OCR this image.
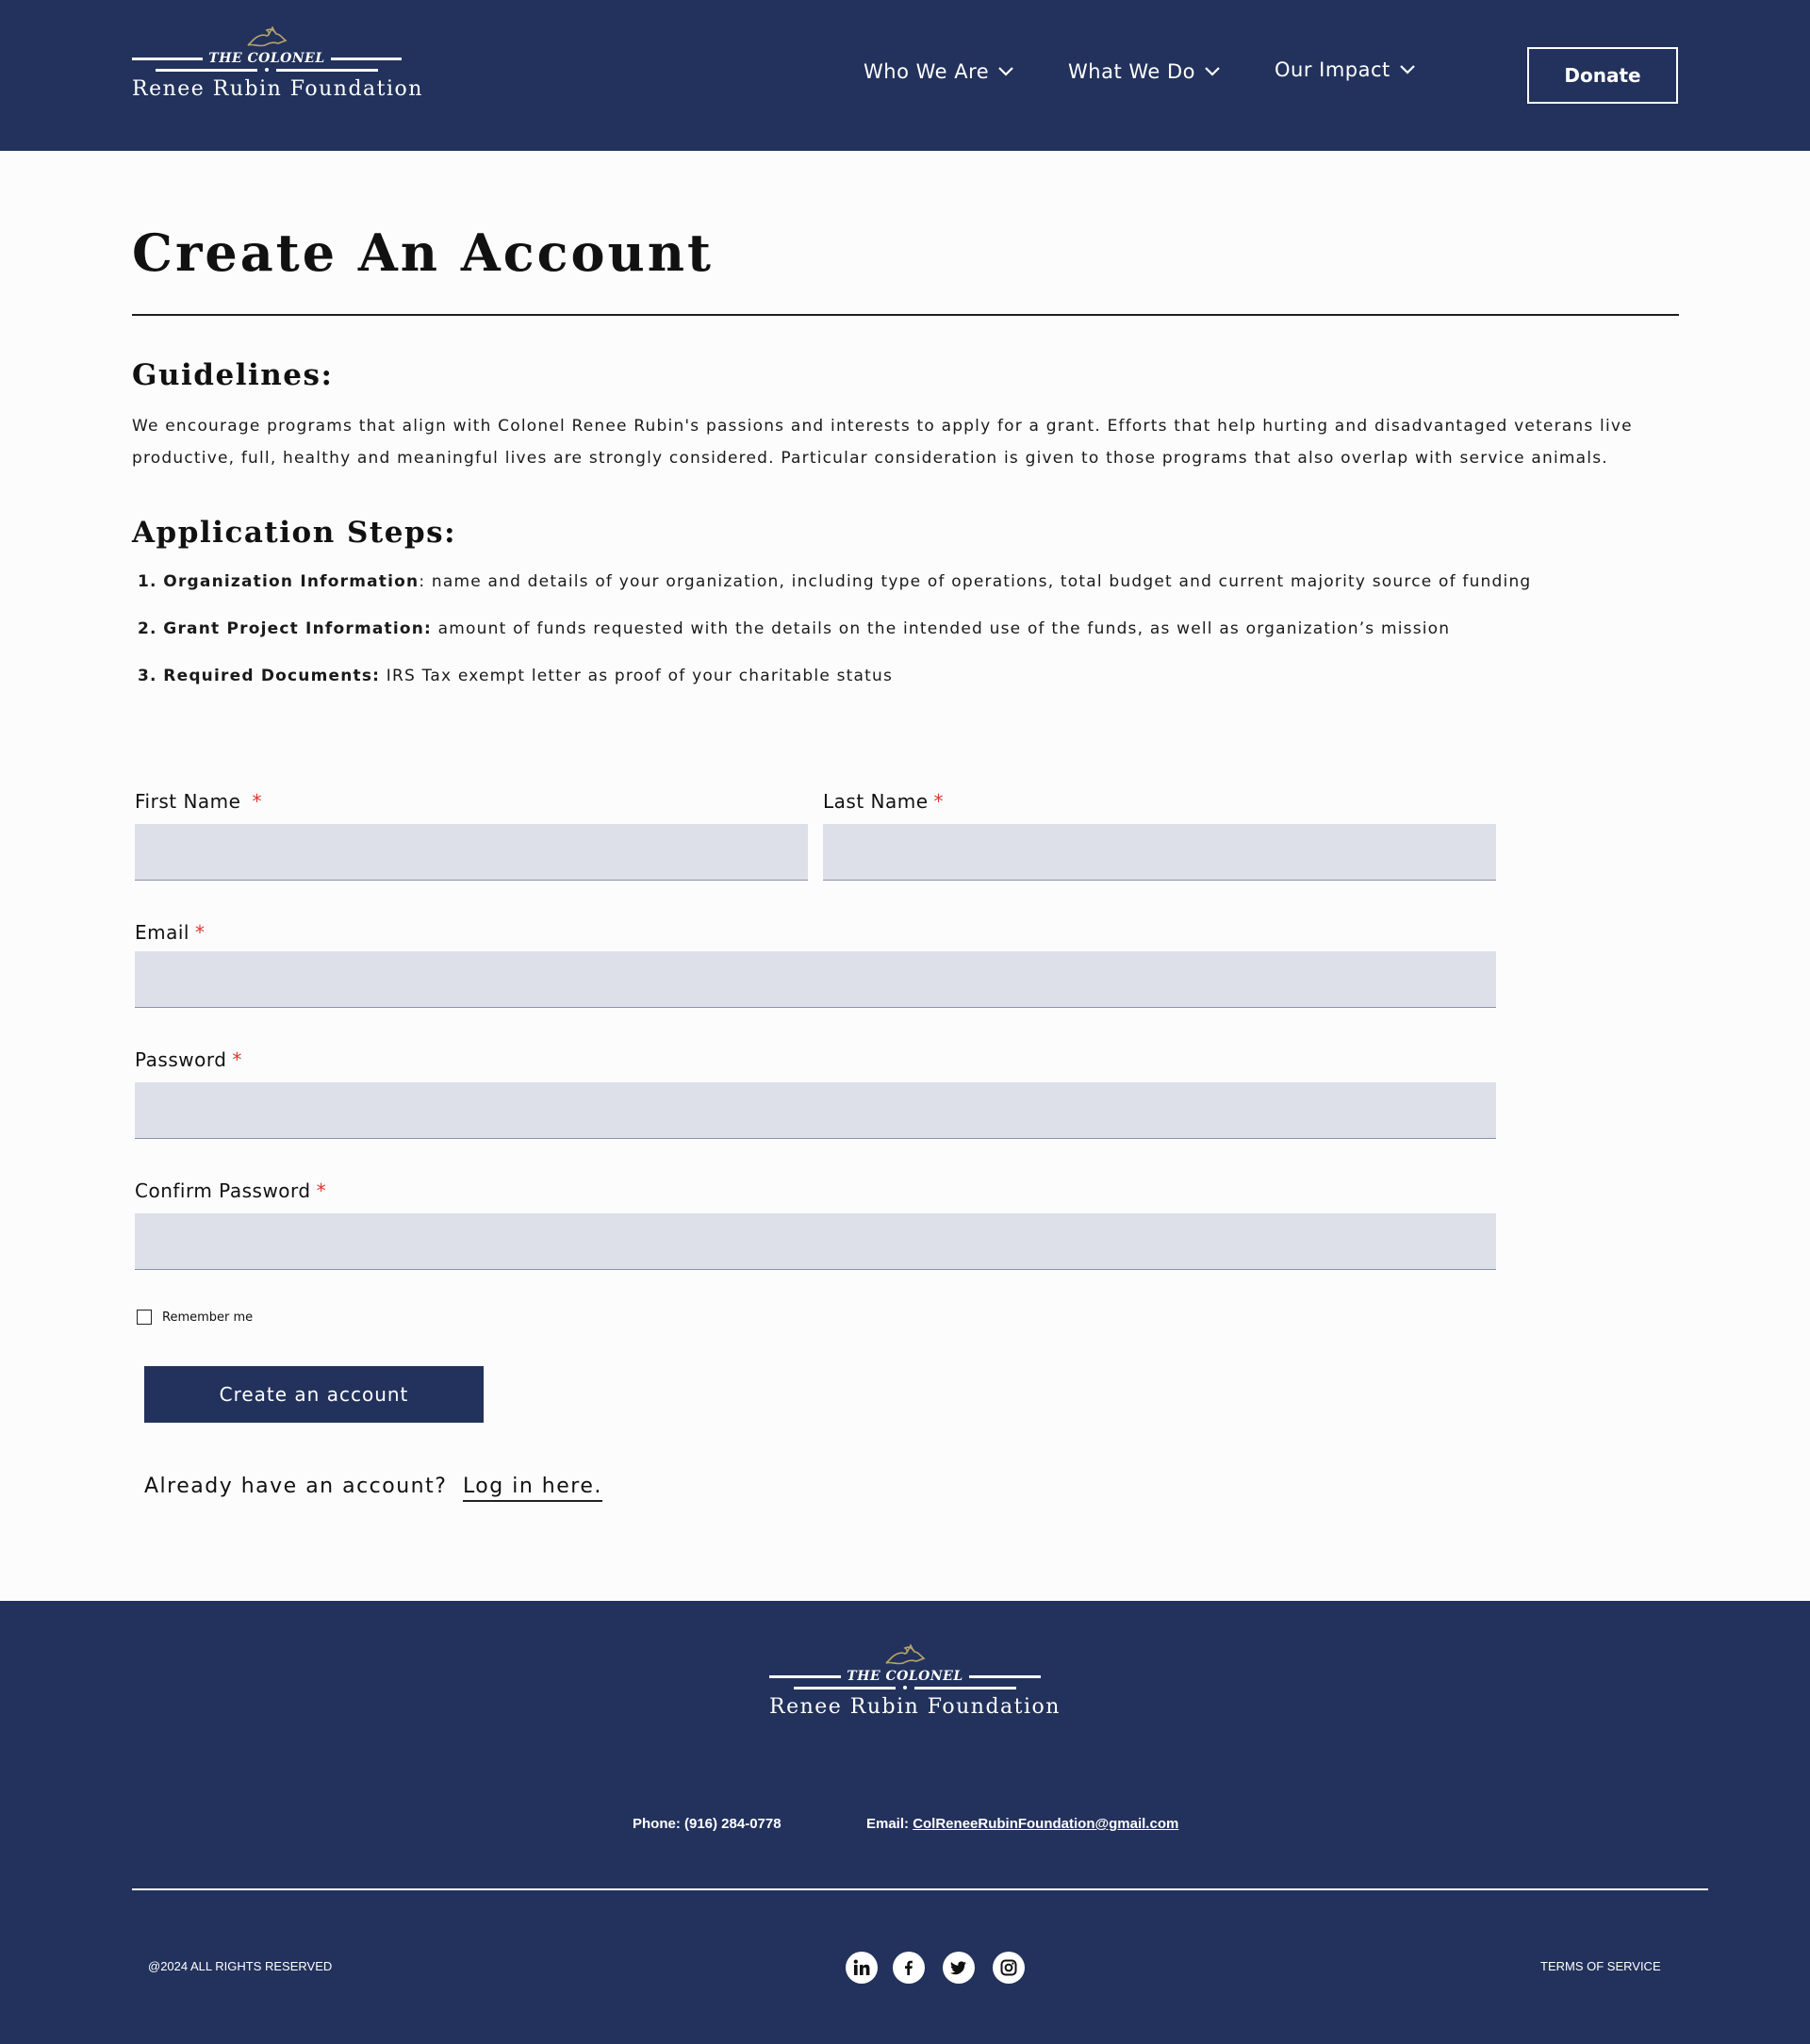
THE COLONEL
Renee Rubin Foundation
Who We Are	What We Do	Our Impact	Donate
Create An Account
Guidelines:

We encourage programs that align with Colonel Renee Rubin's passions and interests to apply for a grant. Efforts that help hurting and disadvantaged veterans live
productive, full, healthy and meaningful lives are strongly considered. Particular consideration is given to those programs that also overlap with service animals.

Application Steps:
1. Organization Information: name and details of your organization, including type of operations, total budget and current majority source of funding
2. Grant Project Information: amount of funds requested with the details on the intended use of the funds, as well as organization’s mission
3. Required Documents: IRS Tax exempt letter as proof of your charitable status
First Name *	Last Name *
Email *
Password *
Confirm Password *
Remember me
Create an account
Already have an account? Log in here.
THE COLONEL
Renee Rubin Foundation
Phone: (916) 284-0778	Email: ColReneeRubinFoundation@gmail.com
@2024 ALL RIGHTS RESERVED	TERMS OF SERVICE
